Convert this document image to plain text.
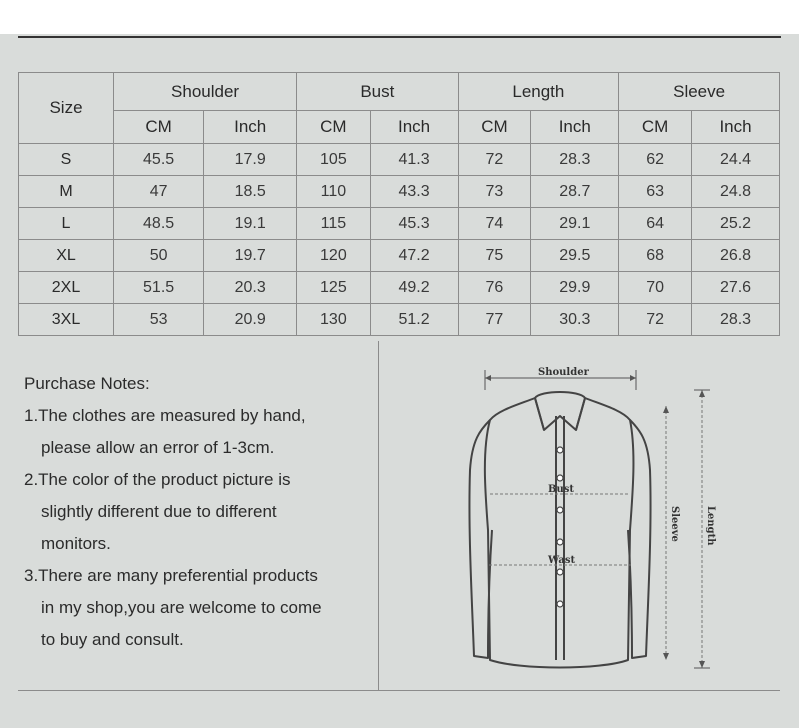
Size	Shoulder		Bust		Length		Sleeve	
	CM	Inch	CM	Inch	CM	Inch	CM	Inch
S	45.5	17.9	105	41.3	72	28.3	62	24.4
M	47	18.5	110	43.3	73	28.7	63	24.8
L	48.5	19.1	115	45.3	74	29.1	64	25.2
XL	50	19.7	120	47.2	75	29.5	68	26.8
2XL	51.5	20.3	125	49.2	76	29.9	70	27.6
3XL	53	20.9	130	51.2	77	30.3	72	28.3
Purchase Notes:
1.The clothes are measured by hand,
please allow an error of 1-3cm.
2.The color of the product picture is
slightly different due to different
monitors.
3.There are many preferential products
in my shop,you are welcome to come
to buy and consult.
Shoulder
Bust
Wast
Sleeve	Length
